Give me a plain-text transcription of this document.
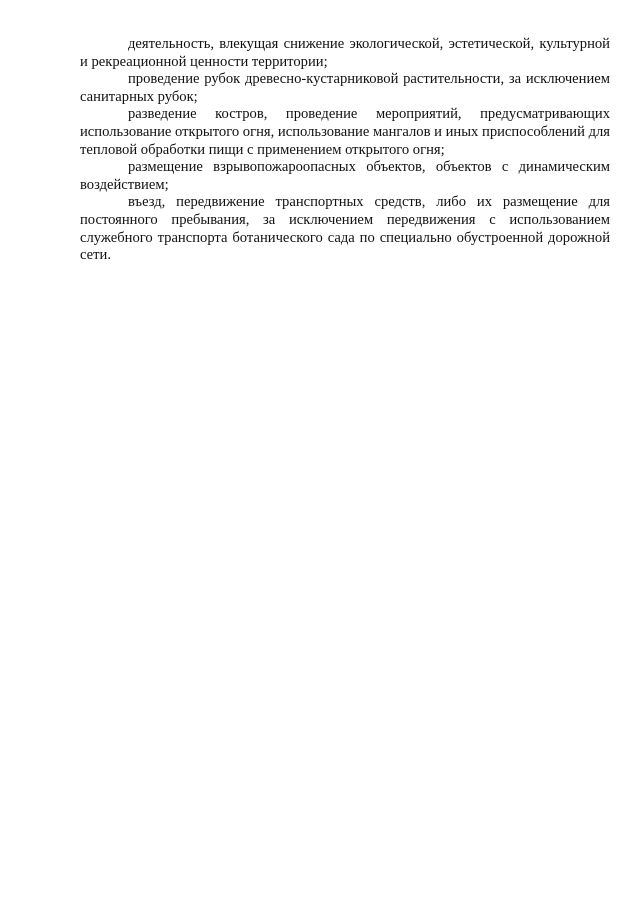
деятельность, влекущая снижение экологической, эстетической, культурной и рекреационной ценности территории;

проведение рубок древесно-кустарниковой растительности, за исключением санитарных рубок;

разведение костров, проведение мероприятий, предусматривающих использование открытого огня, использование мангалов и иных приспособлений для тепловой обработки пищи с применением открытого огня;

размещение взрывопожароопасных объектов, объектов с динамическим воздействием;

въезд, передвижение транспортных средств, либо их размещение для постоянного пребывания, за исключением передвижения с использованием служебного транспорта ботанического сада по специально обустроенной дорожной сети.
